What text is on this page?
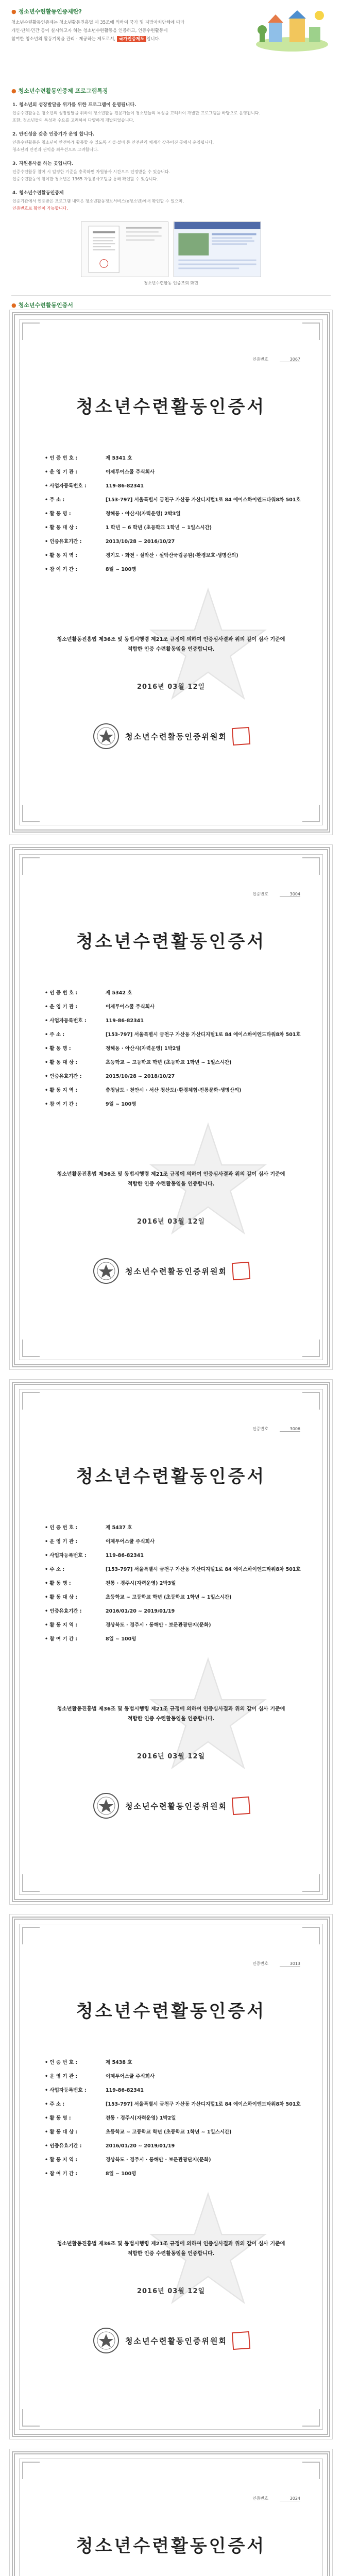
● 청소년수련활동인증제란?

청소년수련활동인증제는 청소년활동진흥법 제 35조에 의하여 국가 및 지방자치단체에 따라
개인·단체·민간 등이 실시하고자 하는 청소년수련활동을 인증하고, 인증수련활동에
참여한 청소년의 활동기록을 관리 · 제공하는 제도로서, 국가인증제도 입니다.

● 청소년수련활동인증제 프로그램특징
1. 청소년의 성장발달을 위가를 위한 프로그램이 운영됩니다.

인증수련활동은 청소년의 성장발달을 위하여 청소년활동 전문가들이 청소년들의 특성을 고려하여 개발한 프로그램을 바탕으로 운영됩니다.
또한, 청소년들의 특성과 수요를 고려하여 다양하게 개발되었습니다.

2. 안전성을 갖춘 인증기가 운영 합니다.

인증수련활동은 청소년이 안전하게 활동할 수 있도록 시설·설비 등 안전관리 체계가 갖추어진 곳에서 운영됩니다.
청소년의 안전과 권익을 최우선으로 고려합니다.

3. 자원봉사를 하는 곳입니다.

인증수련활동 참여 시 일정한 기준을 충족하면 자원봉사 시간으로 인정받을 수 있습니다.
인증수련활동에 참여한 청소년은 1365 자원봉사포털을 통해 확인할 수 있습니다.

4. 청소년수련활동인증제

인증기관에서 인증받은 프로그램 내역은 청소년활동정보서비스(e청소년)에서 확인할 수 있으며,
인증번호로 확인이 가능합니다.

청소년수련활동 인증조회 화면
● 청소년수련활동인증서
인증번호	3067
청소년수련활동인증서
• 인 증 번 호 :	제 5341 호
• 운 영 기 관 :	이제투어스쿨 주식회사
• 사업자등록번호 :	119-86-82341
• 주 소 :	[153-797] 서울특별시 금천구 가산동 가산디지털1로 84 에이스하이엔드타워8차 501호
• 활 동 명 :	청해동 · 아산시(자력운영) 2박3일
• 활 동 대 상 :	1 학년 ~ 6 학년 (초등학교 1학년 ~ 1일스시간)
• 인증유효기간 :	2013/10/28 ~ 2016/10/27
• 활 동 지 역 :	경기도 · 화천 · 설악산 · 설악산국립공원(·환경보호·생명산의)
• 참 여 기 간 :	8일 ~ 100명
청소년활동진흥법 제36조 및 동법시행령 제21조 규정에 의하여 인증심사결과 위의 같이 심사 기준에 적합한 인증 수련활동임을 인증합니다.
2016년 03월 12일
청소년수련활동인증위원회
인증번호	3004
청소년수련활동인증서
• 인 증 번 호 :	제 5342 호
• 운 영 기 관 :	이제투어스쿨 주식회사
• 사업자등록번호 :	119-86-82341
• 주 소 :	[153-797] 서울특별시 금천구 가산동 가산디지털1로 84 에이스하이엔드타워8차 501호
• 활 동 명 :	청해동 · 아산시(자력운영) 1박2일
• 활 동 대 상 :	초등학교 ~ 고등학교 학년 (초등학교 1학년 ~ 1일스시간)
• 인증유효기간 :	2015/10/28 ~ 2018/10/27
• 활 동 지 역 :	충청남도 · 천안시 · 서산 청산도(·환경체험·전통문화·생명산의)
• 참 여 기 간 :	9일 ~ 100명
청소년활동진흥법 제36조 및 동법시행령 제21조 규정에 의하여 인증심사결과 위의 같이 심사 기준에 적합한 인증 수련활동임을 인증합니다.
2016년 03월 12일
청소년수련활동인증위원회
인증번호	3006
청소년수련활동인증서
• 인 증 번 호 :	제 5437 호
• 운 영 기 관 :	이제투어스쿨 주식회사
• 사업자등록번호 :	119-86-82341
• 주 소 :	[153-797] 서울특별시 금천구 가산동 가산디지털1로 84 에이스하이엔드타워8차 501호
• 활 동 명 :	전통 · 경주시(자력운영) 2박3일
• 활 동 대 상 :	초등학교 ~ 고등학교 학년 (초등학교 1학년 ~ 1일스시간)
• 인증유효기간 :	2016/01/20 ~ 2019/01/19
• 활 동 지 역 :	경상북도 · 경주시 · 동해안 · 보문관광단지(문화)
• 참 여 기 간 :	8일 ~ 100명
청소년활동진흥법 제36조 및 동법시행령 제21조 규정에 의하여 인증심사결과 위의 같이 심사 기준에 적합한 인증 수련활동임을 인증합니다.
2016년 03월 12일
청소년수련활동인증위원회
인증번호	3013
청소년수련활동인증서
• 인 증 번 호 :	제 5438 호
• 운 영 기 관 :	이제투어스쿨 주식회사
• 사업자등록번호 :	119-86-82341
• 주 소 :	[153-797] 서울특별시 금천구 가산동 가산디지털1로 84 에이스하이엔드타워8차 501호
• 활 동 명 :	전통 · 경주시(자력운영) 1박2일
• 활 동 대 상 :	초등학교 ~ 고등학교 학년 (초등학교 1학년 ~ 1일스시간)
• 인증유효기간 :	2016/01/20 ~ 2019/01/19
• 활 동 지 역 :	경상북도 · 경주시 · 동해안 · 보문관광단지(문화)
• 참 여 기 간 :	8일 ~ 100명
청소년활동진흥법 제36조 및 동법시행령 제21조 규정에 의하여 인증심사결과 위의 같이 심사 기준에 적합한 인증 수련활동임을 인증합니다.
2016년 03월 12일
청소년수련활동인증위원회
인증번호	3024
청소년수련활동인증서
